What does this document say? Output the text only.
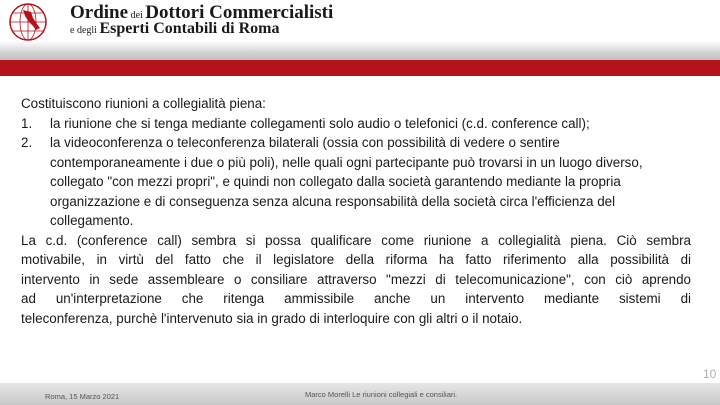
Ordine dei Dottori Commercialisti
e degli Esperti Contabili di Roma

Costituiscono riunioni a collegialità piena:

1. la riunione che si tenga mediante collegamenti solo audio o telefonici (c.d. conference call);
2. la videoconferenza o teleconferenza bilaterali (ossia con possibilità di vedere o sentire contemporaneamente i due o più poli), nelle quali ogni partecipante può trovarsi in un luogo diverso, collegato "con mezzi propri", e quindi non collegato dalla società garantendo mediante la propria organizzazione e di conseguenza senza alcuna responsabilità della società circa l'efficienza del collegamento.
La c.d. (conference call) sembra si possa qualificare come riunione a collegialità piena. Ciò sembra
motivabile, in virtù del fatto che il legislatore della riforma ha fatto riferimento alla possibilità di
intervento in sede assembleare o consiliare attraverso "mezzi di telecomunicazione", con ciò aprendo
ad un'interpretazione che ritenga ammissibile anche un intervento mediante sistemi di
teleconferenza, purchè l'intervenuto sia in grado di interloquire con gli altri o il notaio.
10
Roma, 15 Marzo 2021	Marco Morelli Le riunioni collegiali e consiliari.
